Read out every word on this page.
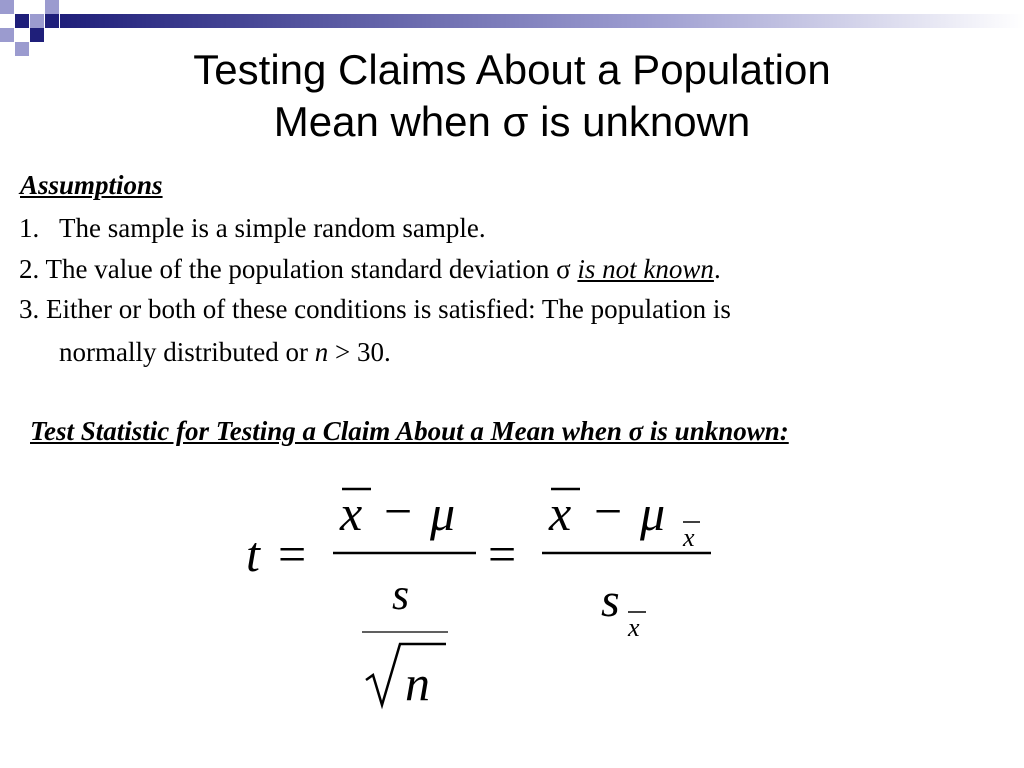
Testing Claims About a Population
Mean when σ is unknown
Assumptions
1. The sample is a simple random sample.
2. The value of the population standard deviation σ is not known.
3. Either or both of these conditions is satisfied: The population is
normally distributed or n > 30.
Test Statistic for Testing a Claim About a Mean when σ is unknown:
t =
x − μ
s
n
=
x − μ x
s
x
